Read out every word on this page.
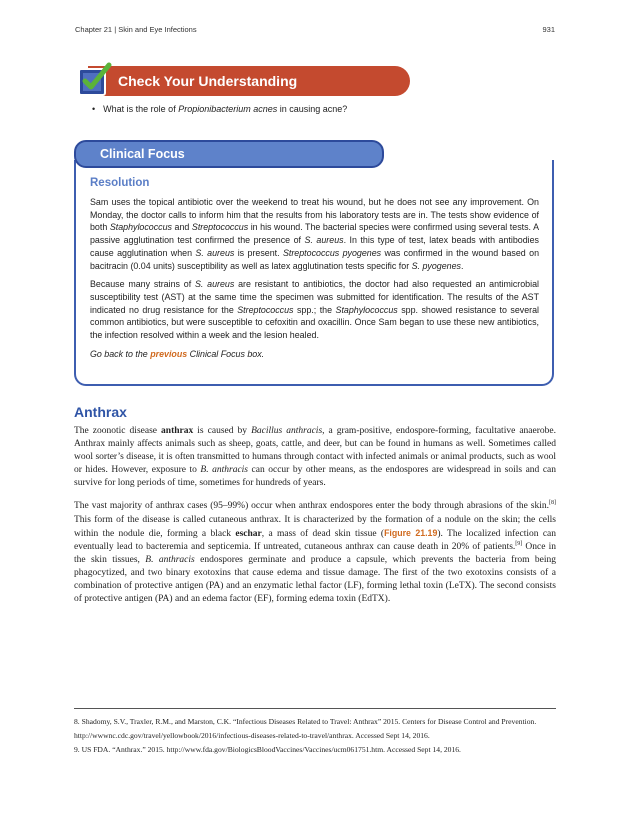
Chapter 21 | Skin and Eye Infections	931
Check Your Understanding
• What is the role of Propionibacterium acnes in causing acne?
Clinical Focus
Resolution

Sam uses the topical antibiotic over the weekend to treat his wound, but he does not see any improvement. On Monday, the doctor calls to inform him that the results from his laboratory tests are in. The tests show evidence of both Staphylococcus and Streptococcus in his wound. The bacterial species were confirmed using several tests. A passive agglutination test confirmed the presence of S. aureus. In this type of test, latex beads with antibodies cause agglutination when S. aureus is present. Streptococcus pyogenes was confirmed in the wound based on bacitracin (0.04 units) susceptibility as well as latex agglutination tests specific for S. pyogenes.

Because many strains of S. aureus are resistant to antibiotics, the doctor had also requested an antimicrobial susceptibility test (AST) at the same time the specimen was submitted for identification. The results of the AST indicated no drug resistance for the Streptococcus spp.; the Staphylococcus spp. showed resistance to several common antibiotics, but were susceptible to cefoxitin and oxacillin. Once Sam began to use these new antibiotics, the infection resolved within a week and the lesion healed.

Go back to the previous Clinical Focus box.

Anthrax

The zoonotic disease anthrax is caused by Bacillus anthracis, a gram-positive, endospore-forming, facultative anaerobe. Anthrax mainly affects animals such as sheep, goats, cattle, and deer, but can be found in humans as well. Sometimes called wool sorter’s disease, it is often transmitted to humans through contact with infected animals or animal products, such as wool or hides. However, exposure to B. anthracis can occur by other means, as the endospores are widespread in soils and can survive for long periods of time, sometimes for hundreds of years.

The vast majority of anthrax cases (95–99%) occur when anthrax endospores enter the body through abrasions of the skin.[8] This form of the disease is called cutaneous anthrax. It is characterized by the formation of a nodule on the skin; the cells within the nodule die, forming a black eschar, a mass of dead skin tissue (Figure 21.19). The localized infection can eventually lead to bacteremia and septicemia. If untreated, cutaneous anthrax can cause death in 20% of patients.[9] Once in the skin tissues, B. anthracis endospores germinate and produce a capsule, which prevents the bacteria from being phagocytized, and two binary exotoxins that cause edema and tissue damage. The first of the two exotoxins consists of a combination of protective antigen (PA) and an enzymatic lethal factor (LF), forming lethal toxin (LeTX). The second consists of protective antigen (PA) and an edema factor (EF), forming edema toxin (EdTX).

8. Shadomy, S.V., Traxler, R.M., and Marston, C.K. “Infectious Diseases Related to Travel: Anthrax” 2015. Centers for Disease Control and Prevention. http://wwwnc.cdc.gov/travel/yellowbook/2016/infectious-diseases-related-to-travel/anthrax. Accessed Sept 14, 2016.

9. US FDA. “Anthrax.” 2015. http://www.fda.gov/BiologicsBloodVaccines/Vaccines/ucm061751.htm. Accessed Sept 14, 2016.
